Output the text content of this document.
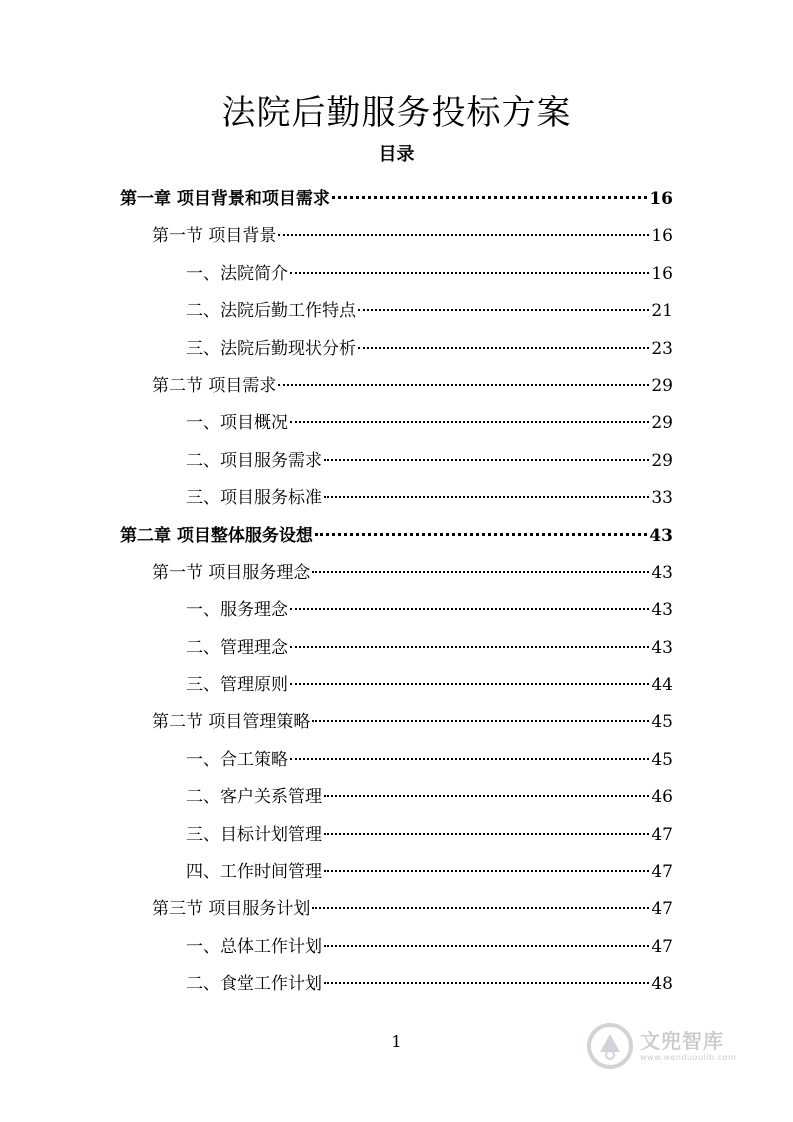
法院后勤服务投标方案
目录
第一章 项目背景和项目需求	16
第一节 项目背景	16
一、法院简介	16
二、法院后勤工作特点	21
三、法院后勤现状分析	23
第二节 项目需求	29
一、项目概况	29
二、项目服务需求	29
三、项目服务标准	33
第二章 项目整体服务设想	43
第一节 项目服务理念	43
一、服务理念	43
二、管理理念	43
三、管理原则	44
第二节 项目管理策略	45
一、合工策略	45
二、客户关系管理	46
三、目标计划管理	47
四、工作时间管理	47
第三节 项目服务计划	47
一、总体工作计划	47
二、食堂工作计划	48
1	文兜智库
www.wenduoulib.com
